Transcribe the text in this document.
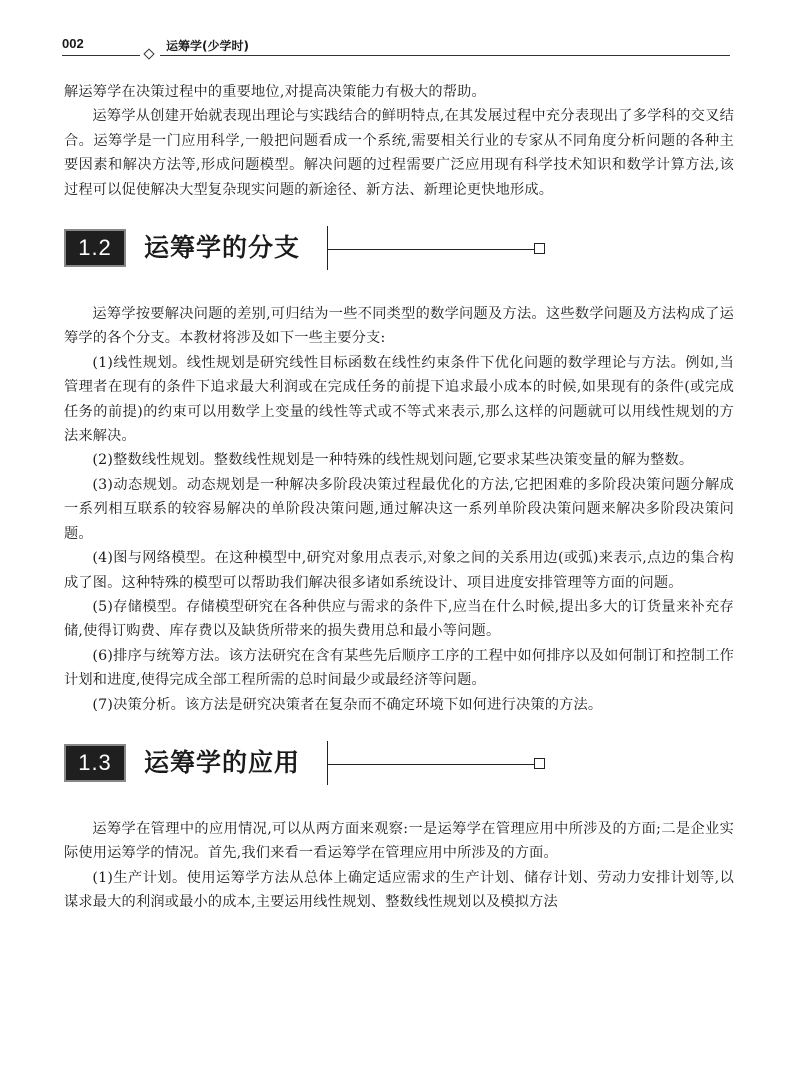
002	运筹学(少学时)

解运筹学在决策过程中的重要地位,对提高决策能力有极大的帮助。

运筹学从创建开始就表现出理论与实践结合的鲜明特点,在其发展过程中充分表现出了多学科的交叉结合。运筹学是一门应用科学,一般把问题看成一个系统,需要相关行业的专家从不同角度分析问题的各种主要因素和解决方法等,形成问题模型。解决问题的过程需要广泛应用现有科学技术知识和数学计算方法,该过程可以促使解决大型复杂现实问题的新途径、新方法、新理论更快地形成。

1.2	运筹学的分支

运筹学按要解决问题的差别,可归结为一些不同类型的数学问题及方法。这些数学问题及方法构成了运筹学的各个分支。本教材将涉及如下一些主要分支:

(1)线性规划。线性规划是研究线性目标函数在线性约束条件下优化问题的数学理论与方法。例如,当管理者在现有的条件下追求最大利润或在完成任务的前提下追求最小成本的时候,如果现有的条件(或完成任务的前提)的约束可以用数学上变量的线性等式或不等式来表示,那么这样的问题就可以用线性规划的方法来解决。

(2)整数线性规划。整数线性规划是一种特殊的线性规划问题,它要求某些决策变量的解为整数。

(3)动态规划。动态规划是一种解决多阶段决策过程最优化的方法,它把困难的多阶段决策问题分解成一系列相互联系的较容易解决的单阶段决策问题,通过解决这一系列单阶段决策问题来解决多阶段决策问题。

(4)图与网络模型。在这种模型中,研究对象用点表示,对象之间的关系用边(或弧)来表示,点边的集合构成了图。这种特殊的模型可以帮助我们解决很多诸如系统设计、项目进度安排管理等方面的问题。

(5)存储模型。存储模型研究在各种供应与需求的条件下,应当在什么时候,提出多大的订货量来补充存储,使得订购费、库存费以及缺货所带来的损失费用总和最小等问题。

(6)排序与统筹方法。该方法研究在含有某些先后顺序工序的工程中如何排序以及如何制订和控制工作计划和进度,使得完成全部工程所需的总时间最少或最经济等问题。

(7)决策分析。该方法是研究决策者在复杂而不确定环境下如何进行决策的方法。

1.3	运筹学的应用

运筹学在管理中的应用情况,可以从两方面来观察:一是运筹学在管理应用中所涉及的方面;二是企业实际使用运筹学的情况。首先,我们来看一看运筹学在管理应用中所涉及的方面。

(1)生产计划。使用运筹学方法从总体上确定适应需求的生产计划、储存计划、劳动力安排计划等,以谋求最大的利润或最小的成本,主要运用线性规划、整数线性规划以及模拟方法
